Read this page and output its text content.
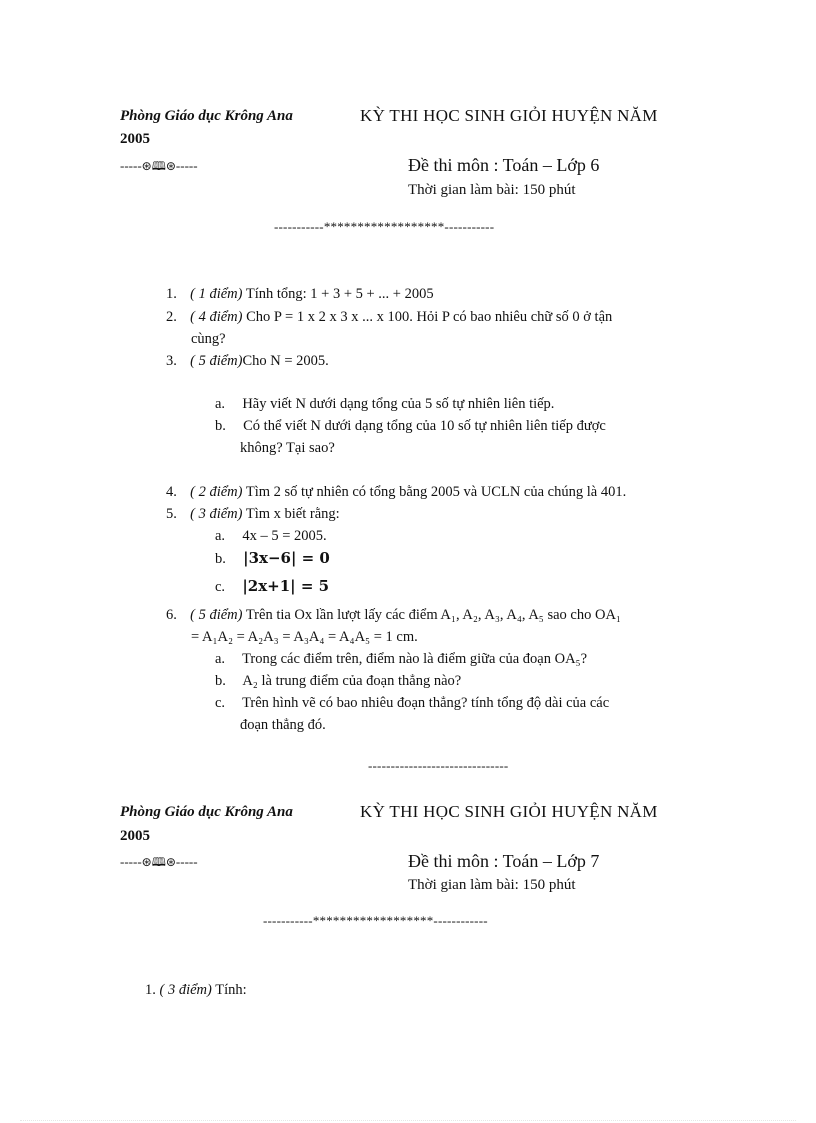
Phòng Giáo dục Krông Ana	KỲ THI HỌC SINH GIỎI HUYỆN NĂM
2005
-----⊛🕮⊛-----	Đề thi môn : Toán – Lớp 6
Thời gian làm bài: 150 phút
-----------******************-----------
1. ( 1 điểm) Tính tổng: 1 + 3 + 5 + ... + 2005
2. ( 4 điểm) Cho P = 1 x 2 x 3 x ... x 100. Hỏi P có bao nhiêu chữ số 0 ở tận
cùng?
3. ( 5 điểm)Cho N = 2005.
a. Hãy viết N dưới dạng tổng của 5 số tự nhiên liên tiếp.
b. Có thể viết N dưới dạng tổng của 10 số tự nhiên liên tiếp được
không? Tại sao?
4. ( 2 điểm) Tìm 2 số tự nhiên có tổng bằng 2005 và UCLN của chúng là 401.
5. ( 3 điểm) Tìm x biết rằng:
a. 4x – 5 = 2005.
b. |3x−6| = 0
c. |2x+1| = 5
6. ( 5 điểm) Trên tia Ox lần lượt lấy các điểm A₁, A₂, A₃, A₄, A₅ sao cho OA₁
= A₁A₂ = A₂A₃ = A₃A₄ = A₄A₅ = 1 cm.
a. Trong các điểm trên, điểm nào là điểm giữa của đoạn OA₅?
b. A₂ là trung điểm của đoạn thẳng nào?
c. Trên hình vẽ có bao nhiêu đoạn thẳng? tính tổng độ dài của các
đoạn thẳng đó.
-------------------------------
Phòng Giáo dục Krông Ana	KỲ THI HỌC SINH GIỎI HUYỆN NĂM
2005
-----⊛🕮⊛-----	Đề thi môn : Toán – Lớp 7
Thời gian làm bài: 150 phút
-----------******************------------
1. ( 3 điểm) Tính:
